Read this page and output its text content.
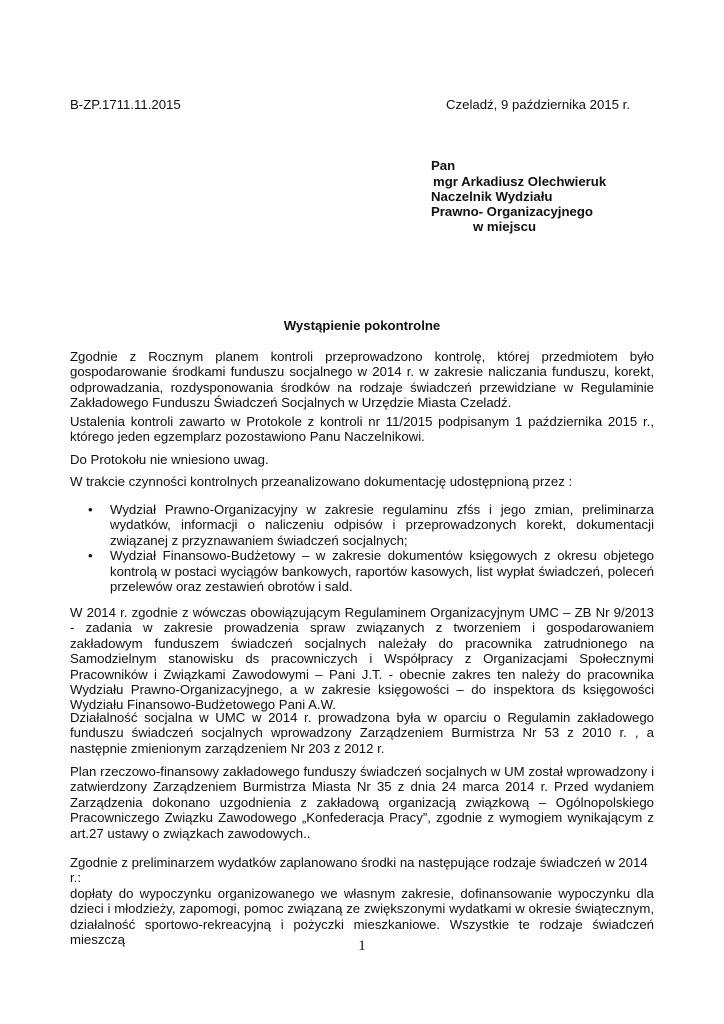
B-ZP.1711.11.2015	Czeladź, 9 października 2015 r.
Pan
mgr Arkadiusz Olechwieruk
Naczelnik Wydziału
Prawno- Organizacyjnego
w miejscu
Wystąpienie pokontrolne

Zgodnie z Rocznym planem kontroli przeprowadzono kontrolę, której przedmiotem było gospodarowanie środkami funduszu socjalnego w 2014 r. w zakresie naliczania funduszu, korekt, odprowadzania, rozdysponowania środków na rodzaje świadczeń przewidziane w Regulaminie Zakładowego Funduszu Świadczeń Socjalnych w Urzędzie Miasta Czeladź.

Ustalenia kontroli zawarto w Protokole z kontroli nr 11/2015 podpisanym 1 października 2015 r., którego jeden egzemplarz pozostawiono Panu Naczelnikowi.

Do Protokołu nie wniesiono uwag.

W trakcie czynności kontrolnych przeanalizowano dokumentację udostępnioną przez :

• Wydział Prawno-Organizacyjny w zakresie regulaminu zfśs i jego zmian, preliminarza wydatków, informacji o naliczeniu odpisów i przeprowadzonych korekt, dokumentacji związanej z przyznawaniem świadczeń socjalnych;
• Wydział Finansowo-Budżetowy – w zakresie dokumentów księgowych z okresu objetego kontrolą w postaci wyciągów bankowych, raportów kasowych, list wypłat świadczeń, poleceń przelewów oraz zestawień obrotów i sald.

W 2014 r. zgodnie z wówczas obowiązującym Regulaminem Organizacyjnym UMC – ZB Nr 9/2013 - zadania w zakresie prowadzenia spraw związanych z tworzeniem i gospodarowaniem zakładowym funduszem świadczeń socjalnych należały do pracownika zatrudnionego na Samodzielnym stanowisku ds pracowniczych i Współpracy z Organizacjami Społecznymi Pracowników i Związkami Zawodowymi – Pani J.T. - obecnie zakres ten należy do pracownika Wydziału Prawno-Organizacyjnego, a w zakresie księgowości – do inspektora ds księgowości Wydziału Finansowo-Budżetowego Pani A.W.

Działalność socjalna w UMC w 2014 r. prowadzona była w oparciu o Regulamin zakładowego funduszu świadczeń socjalnych wprowadzony Zarządzeniem Burmistrza Nr 53 z 2010 r. , a następnie zmienionym zarządzeniem Nr 203 z 2012 r.

Plan rzeczowo-finansowy zakładowego funduszy świadczeń socjalnych w UM został wprowadzony i zatwierdzony Zarządzeniem Burmistrza Miasta Nr 35 z dnia 24 marca 2014 r. Przed wydaniem Zarządzenia dokonano uzgodnienia z zakładową organizacją związkową – Ogólnopolskiego Pracowniczego Związku Zawodowego „Konfederacja Pracy”, zgodnie z wymogiem wynikającym z art.27 ustawy o związkach zawodowych..

Zgodnie z preliminarzem wydatków zaplanowano środki na następujące rodzaje świadczeń w 2014 r.:

dopłaty do wypoczynku organizowanego we własnym zakresie, dofinansowanie wypoczynku dla dzieci i młodzieży, zapomogi, pomoc związaną ze zwiększonymi wydatkami w okresie świątecznym, działalność sportowo-rekreacyjną i pożyczki mieszkaniowe. Wszystkie te rodzaje świadczeń mieszczą	1
